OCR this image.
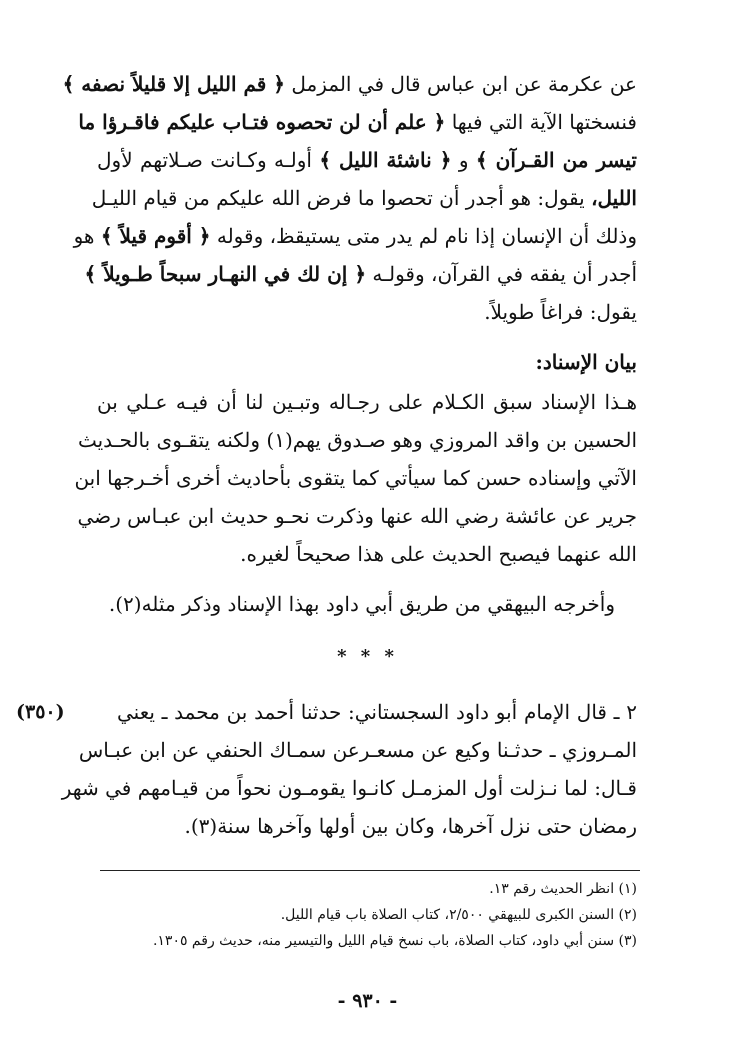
عن عكرمة عن ابن عباس قال في المزمل ﴿ قم الليل إلا قليلاً نصفه ﴾
فنسختها الآية التي فيها ﴿ علم أن لن تحصوه فتـاب عليكم فاقـرؤا ما
تيسر من القـرآن ﴾ و ﴿ ناشئة الليل ﴾ أولـه وكـانت صـلاتهم لأول
الليل، يقول: هو أجدر أن تحصوا ما فرض الله عليكم من قيام الليـل
وذلك أن الإنسان إذا نام لم يدر متى يستيقظ، وقوله ﴿ أقوم قيلاً ﴾ هو
أجدر أن يفقه في القرآن، وقولـه ﴿ إن لك في النهـار سبحاً طـويلاً ﴾
يقول: فراغاً طويلاً.
بيان الإسناد:
هـذا الإسناد سبق الكـلام على رجـاله وتبـين لنا أن فيـه عـلي بن
الحسين بن واقد المروزي وهو صـدوق يهم(١) ولكنه يتقـوى بالحـديث
الآتي وإسناده حسن كما سيأتي كما يتقوى بأحاديث أخرى أخـرجها ابن
جرير عن عائشة رضي الله عنها وذكرت نحـو حديث ابن عبـاس رضي
الله عنهما فيصبح الحديث على هذا صحيحاً لغيره.
وأخرجه البيهقي من طريق أبي داود بهذا الإسناد وذكر مثله(٢).
* * *
(٣٥٠)	٢ ـ قال الإمام أبو داود السجستاني: حدثنا أحمد بن محمد ـ يعني
المـروزي ـ حدثـنا وكيع عن مسعـرعن سمـاك الحنفي عن ابن عبـاس
قـال: لما نـزلت أول المزمـل كانـوا يقومـون نحواً من قيـامهم في شهر
رمضان حتى نزل آخرها، وكان بين أولها وآخرها سنة(٣).
(١) انظر الحديث رقم ١٣.
(٢) السنن الكبرى للبيهقي ٢/٥٠٠، كتاب الصلاة باب قيام الليل.
(٣) سنن أبي داود، كتاب الصلاة، باب نسخ قيام الليل والتيسير منه، حديث رقم ١٣٠٥.
- ٩٣٠ -
